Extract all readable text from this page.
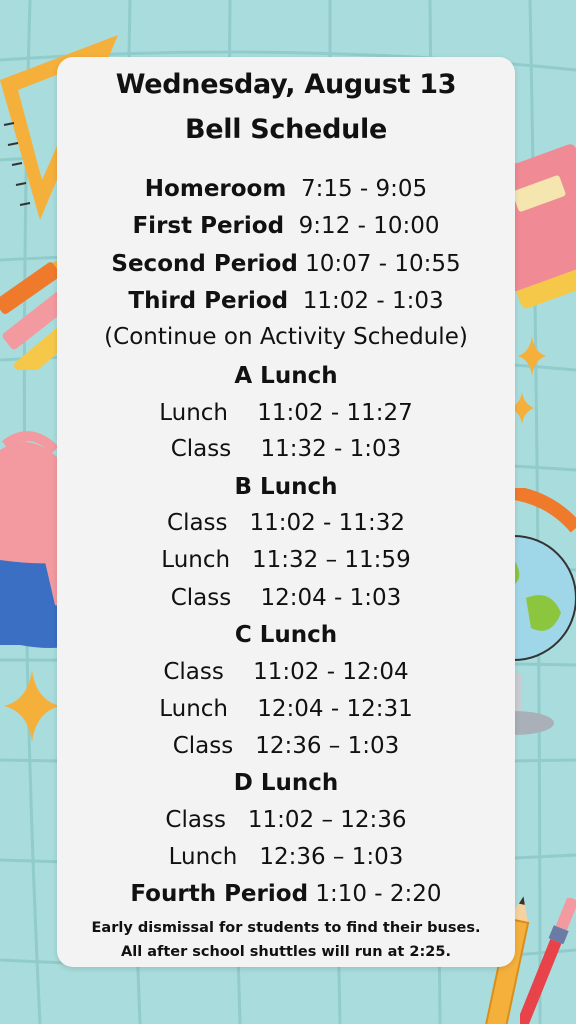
Wednesday, August 13
Bell Schedule
Homeroom 7:15 - 9:05
First Period 9:12 - 10:00
Second Period 10:07 - 10:55
Third Period 11:02 - 1:03
(Continue on Activity Schedule)
A Lunch
Lunch 11:02 - 11:27
Class 11:32 - 1:03
B Lunch
Class 11:02 - 11:32
Lunch 11:32 – 11:59
Class 12:04 - 1:03
C Lunch
Class 11:02 - 12:04
Lunch 12:04 - 12:31
Class 12:36 – 1:03
D Lunch
Class 11:02 – 12:36
Lunch 12:36 – 1:03
Fourth Period 1:10 - 2:20
Early dismissal for students to find their buses.
All after school shuttles will run at 2:25.
